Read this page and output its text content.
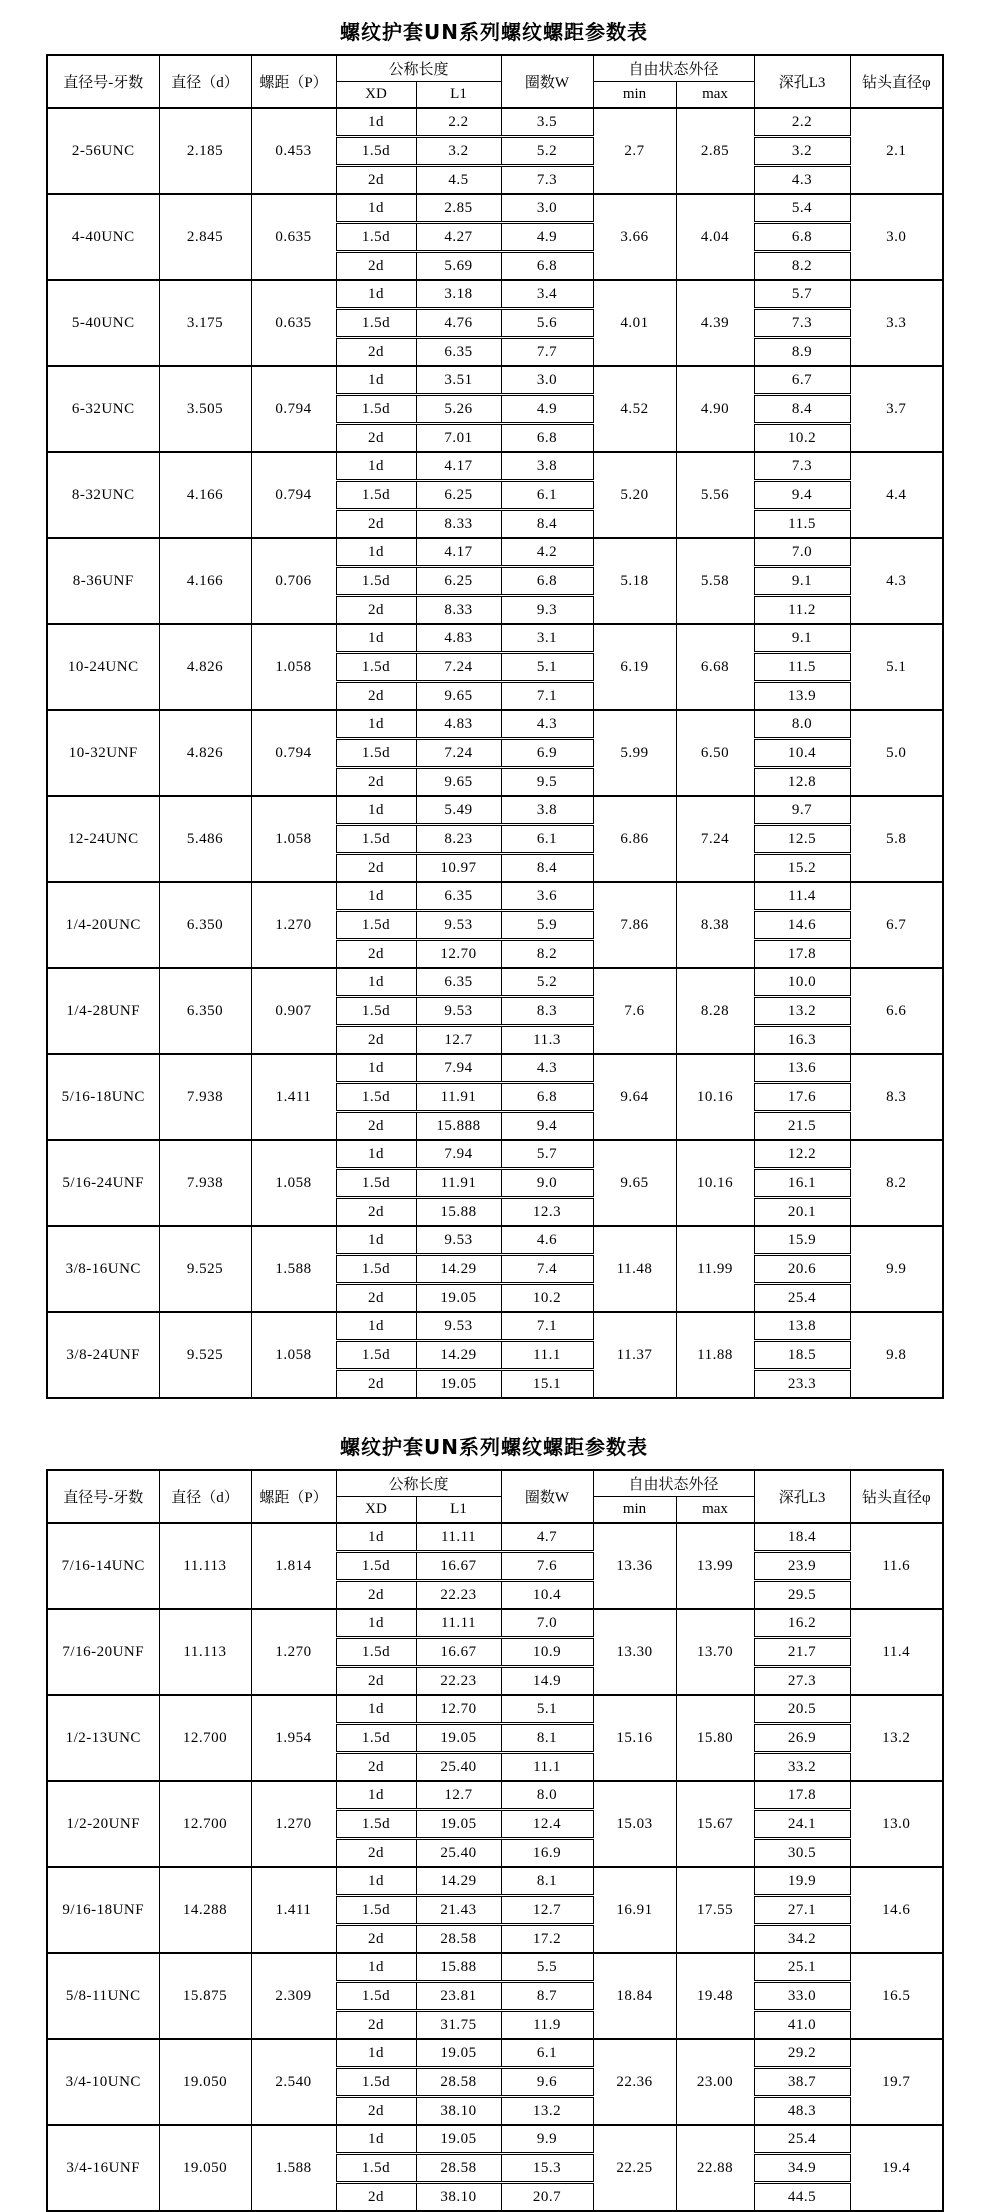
螺纹护套UN系列螺纹螺距参数表
直径号-牙数	直径（d）	螺距（P）	公称长度		圈数W	自由状态外径		深孔L3	钻头直径φ
			XD	L1		min	max		
2-56UNC	2.185	0.453	1d	2.2	3.5	2.7	2.85	2.2	2.1
			1.5d	3.2	5.2			3.2	
			2d	4.5	7.3			4.3	
4-40UNC	2.845	0.635	1d	2.85	3.0	3.66	4.04	5.4	3.0
			1.5d	4.27	4.9			6.8	
			2d	5.69	6.8			8.2	
5-40UNC	3.175	0.635	1d	3.18	3.4	4.01	4.39	5.7	3.3
			1.5d	4.76	5.6			7.3	
			2d	6.35	7.7			8.9	
6-32UNC	3.505	0.794	1d	3.51	3.0	4.52	4.90	6.7	3.7
			1.5d	5.26	4.9			8.4	
			2d	7.01	6.8			10.2	
8-32UNC	4.166	0.794	1d	4.17	3.8	5.20	5.56	7.3	4.4
			1.5d	6.25	6.1			9.4	
			2d	8.33	8.4			11.5	
8-36UNF	4.166	0.706	1d	4.17	4.2	5.18	5.58	7.0	4.3
			1.5d	6.25	6.8			9.1	
			2d	8.33	9.3			11.2	
10-24UNC	4.826	1.058	1d	4.83	3.1	6.19	6.68	9.1	5.1
			1.5d	7.24	5.1			11.5	
			2d	9.65	7.1			13.9	
10-32UNF	4.826	0.794	1d	4.83	4.3	5.99	6.50	8.0	5.0
			1.5d	7.24	6.9			10.4	
			2d	9.65	9.5			12.8	
12-24UNC	5.486	1.058	1d	5.49	3.8	6.86	7.24	9.7	5.8
			1.5d	8.23	6.1			12.5	
			2d	10.97	8.4			15.2	
1/4-20UNC	6.350	1.270	1d	6.35	3.6	7.86	8.38	11.4	6.7
			1.5d	9.53	5.9			14.6	
			2d	12.70	8.2			17.8	
1/4-28UNF	6.350	0.907	1d	6.35	5.2	7.6	8.28	10.0	6.6
			1.5d	9.53	8.3			13.2	
			2d	12.7	11.3			16.3	
5/16-18UNC	7.938	1.411	1d	7.94	4.3	9.64	10.16	13.6	8.3
			1.5d	11.91	6.8			17.6	
			2d	15.888	9.4			21.5	
5/16-24UNF	7.938	1.058	1d	7.94	5.7	9.65	10.16	12.2	8.2
			1.5d	11.91	9.0			16.1	
			2d	15.88	12.3			20.1	
3/8-16UNC	9.525	1.588	1d	9.53	4.6	11.48	11.99	15.9	9.9
			1.5d	14.29	7.4			20.6	
			2d	19.05	10.2			25.4	
3/8-24UNF	9.525	1.058	1d	9.53	7.1	11.37	11.88	13.8	9.8
			1.5d	14.29	11.1			18.5	
			2d	19.05	15.1			23.3	
螺纹护套UN系列螺纹螺距参数表
直径号-牙数	直径（d）	螺距（P）	公称长度		圈数W	自由状态外径		深孔L3	钻头直径φ
			XD	L1		min	max		
7/16-14UNC	11.113	1.814	1d	11.11	4.7	13.36	13.99	18.4	11.6
			1.5d	16.67	7.6			23.9	
			2d	22.23	10.4			29.5	
7/16-20UNF	11.113	1.270	1d	11.11	7.0	13.30	13.70	16.2	11.4
			1.5d	16.67	10.9			21.7	
			2d	22.23	14.9			27.3	
1/2-13UNC	12.700	1.954	1d	12.70	5.1	15.16	15.80	20.5	13.2
			1.5d	19.05	8.1			26.9	
			2d	25.40	11.1			33.2	
1/2-20UNF	12.700	1.270	1d	12.7	8.0	15.03	15.67	17.8	13.0
			1.5d	19.05	12.4			24.1	
			2d	25.40	16.9			30.5	
9/16-18UNF	14.288	1.411	1d	14.29	8.1	16.91	17.55	19.9	14.6
			1.5d	21.43	12.7			27.1	
			2d	28.58	17.2			34.2	
5/8-11UNC	15.875	2.309	1d	15.88	5.5	18.84	19.48	25.1	16.5
			1.5d	23.81	8.7			33.0	
			2d	31.75	11.9			41.0	
3/4-10UNC	19.050	2.540	1d	19.05	6.1	22.36	23.00	29.2	19.7
			1.5d	28.58	9.6			38.7	
			2d	38.10	13.2			48.3	
3/4-16UNF	19.050	1.588	1d	19.05	9.9	22.25	22.88	25.4	19.4
			1.5d	28.58	15.3			34.9	
			2d	38.10	20.7			44.5	
